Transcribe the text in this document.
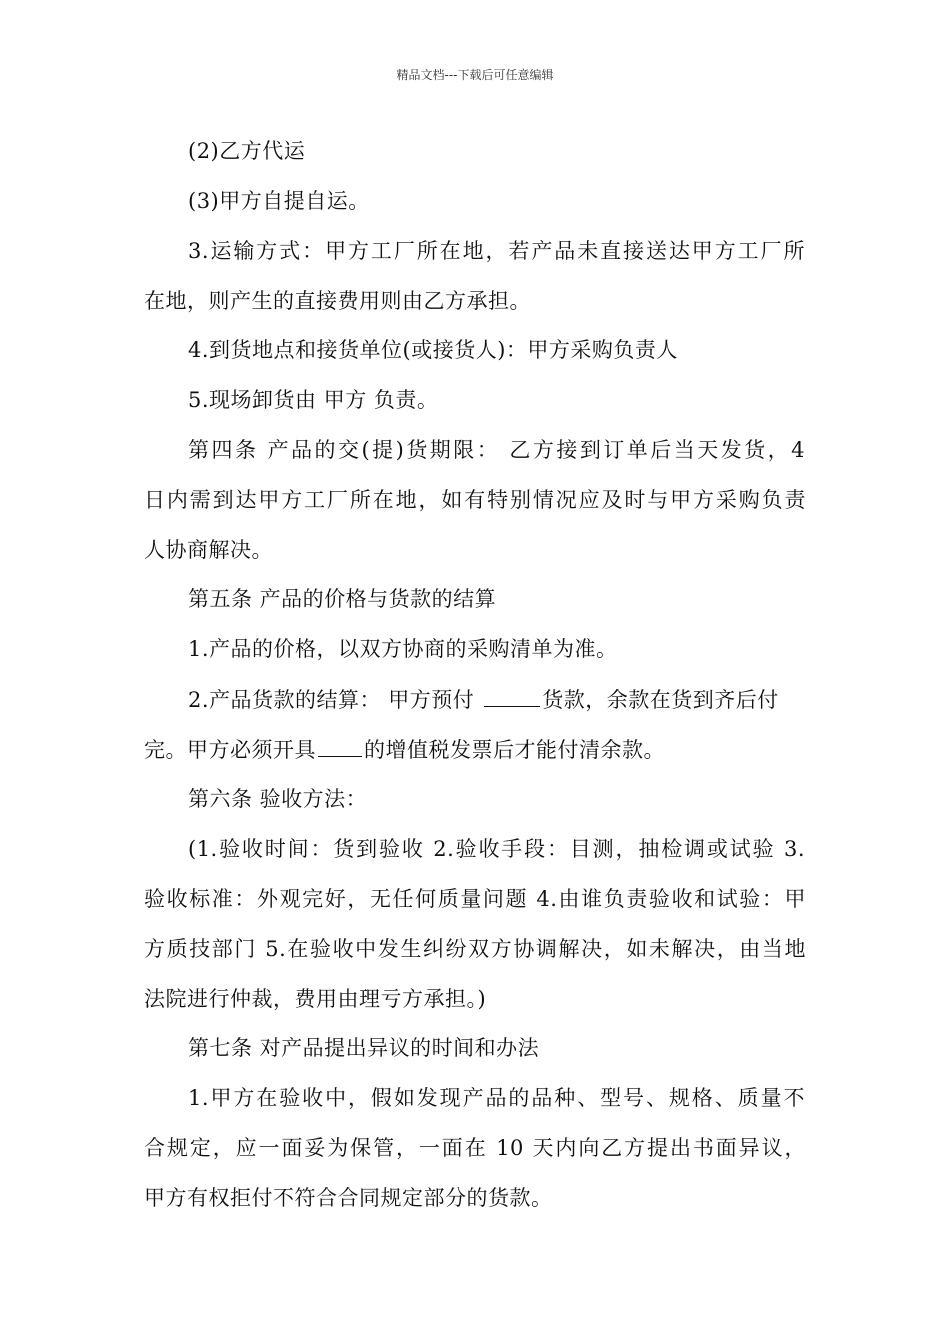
精品文档---下载后可任意编辑
(2)乙方代运
(3)甲方自提自运。
3.运输方式：甲方工厂所在地，若产品未直接送达甲方工厂所
在地，则产生的直接费用则由乙方承担。
4.到货地点和接货单位(或接货人)：甲方采购负责人
5.现场卸货由 甲方 负责。
第四条 产品的交(提)货期限： 乙方接到订单后当天发货，4
日内需到达甲方工厂所在地，如有特别情况应及时与甲方采购负责
人协商解决。
第五条 产品的价格与货款的结算
1.产品的价格，以双方协商的采购清单为准。
2.产品货款的结算： 甲方预付	货款，余款在货到齐后付
完。甲方必须开具 的增值税发票后才能付清余款。
第六条 验收方法：
(1.验收时间：货到验收 2.验收手段：目测，抽检调或试验 3.
验收标准：外观完好，无任何质量问题 4.由谁负责验收和试验：甲
方质技部门 5.在验收中发生纠纷双方协调解决，如未解决，由当地
法院进行仲裁，费用由理亏方承担。)
第七条 对产品提出异议的时间和办法
1.甲方在验收中，假如发现产品的品种、型号、规格、质量不
合规定，应一面妥为保管，一面在 10 天内向乙方提出书面异议，
甲方有权拒付不符合合同规定部分的货款。
